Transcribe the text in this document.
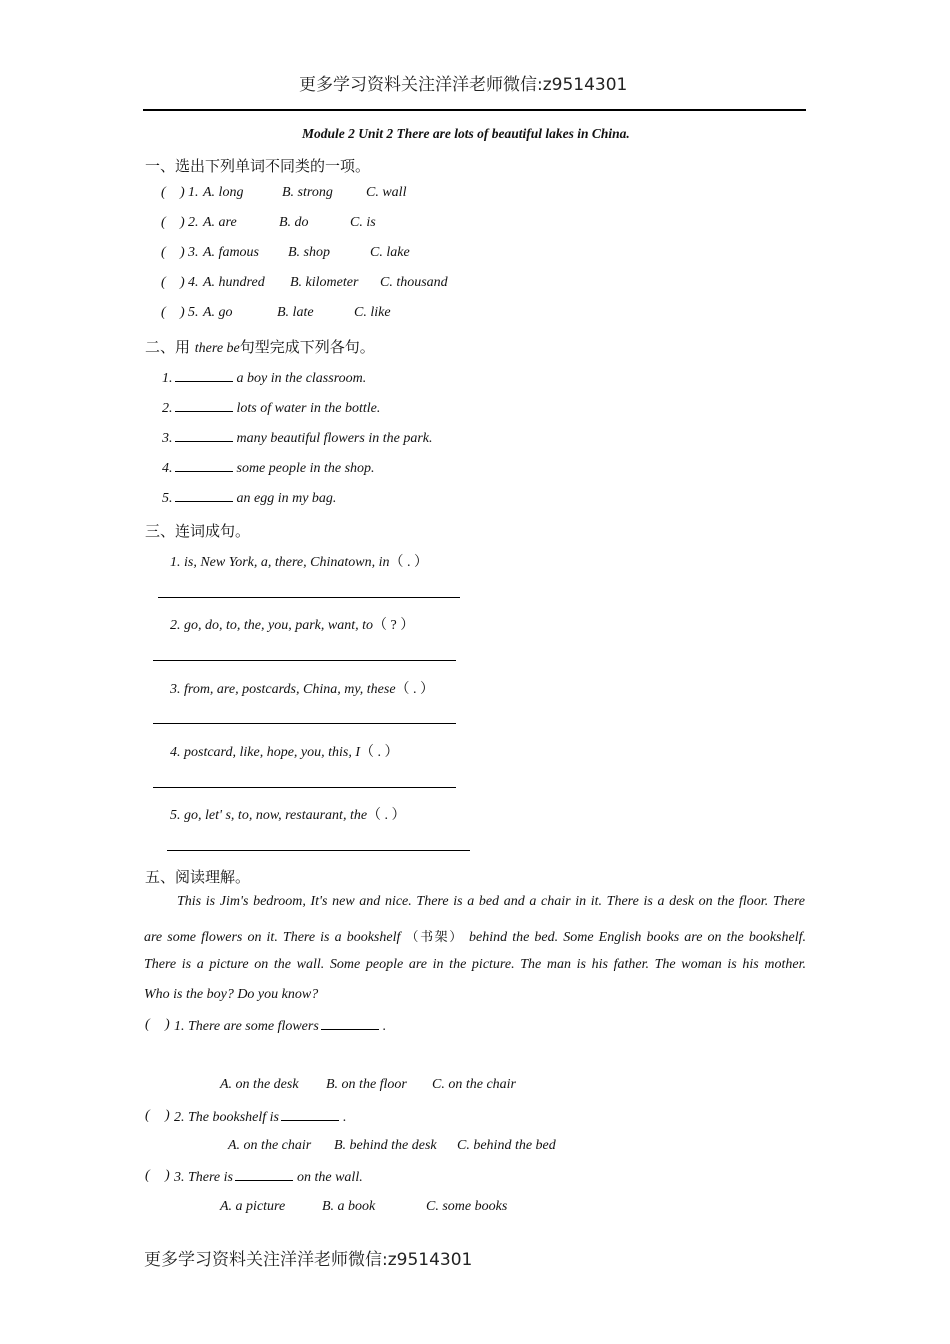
更多学习资料关注洋洋老师微信:z9514301
Module 2 Unit 2 There are lots of beautiful lakes in China.
一、选出下列单词不同类的一项。
( ) 1. A. long	B. strong C. wall
( ) 2. A. are	B. do	C. is
( ) 3. A. famous B. shop	C. lake
( ) 4. A. hundred B. kilometer C. thousand
( ) 5. A. go	B. late	C. like
二、用 there be句型完成下列各句。
1.	a boy in the classroom.
2.	lots of water in the bottle.
3.	many beautiful flowers in the park.
4.	some people in the shop.
5.	an egg in my bag.
三、连词成句。
1. is, New York, a, there, Chinatown, in（ . ）
2. go, do, to, the, you, park, want, to（ ? ）
3. from, are, postcards, China, my, these（ . ）
4. postcard, like, hope, you, this, I（ . ）
5. go, let' s, to, now, restaurant, the（ . ）
五、阅读理解。
This is Jim's bedroom, It's new and nice. There is a bed and a chair in it. There is a desk on the floor. There
are some flowers on it. There is a bookshelf （书架） behind the bed. Some English books are on the bookshelf.
There is a picture on the wall. Some people are in the picture. The man is his father. The woman is his mother.
Who is the boy? Do you know?
( ) 1. There are some flowers	.
A. on the desk B. on the floor C. on the chair
( ) 2. The bookshelf is	.
A. on the chair B. behind the desk C. behind the bed
( ) 3. There is	on the wall.
A. a picture	B. a book	C. some books
更多学习资料关注洋洋老师微信:z9514301
